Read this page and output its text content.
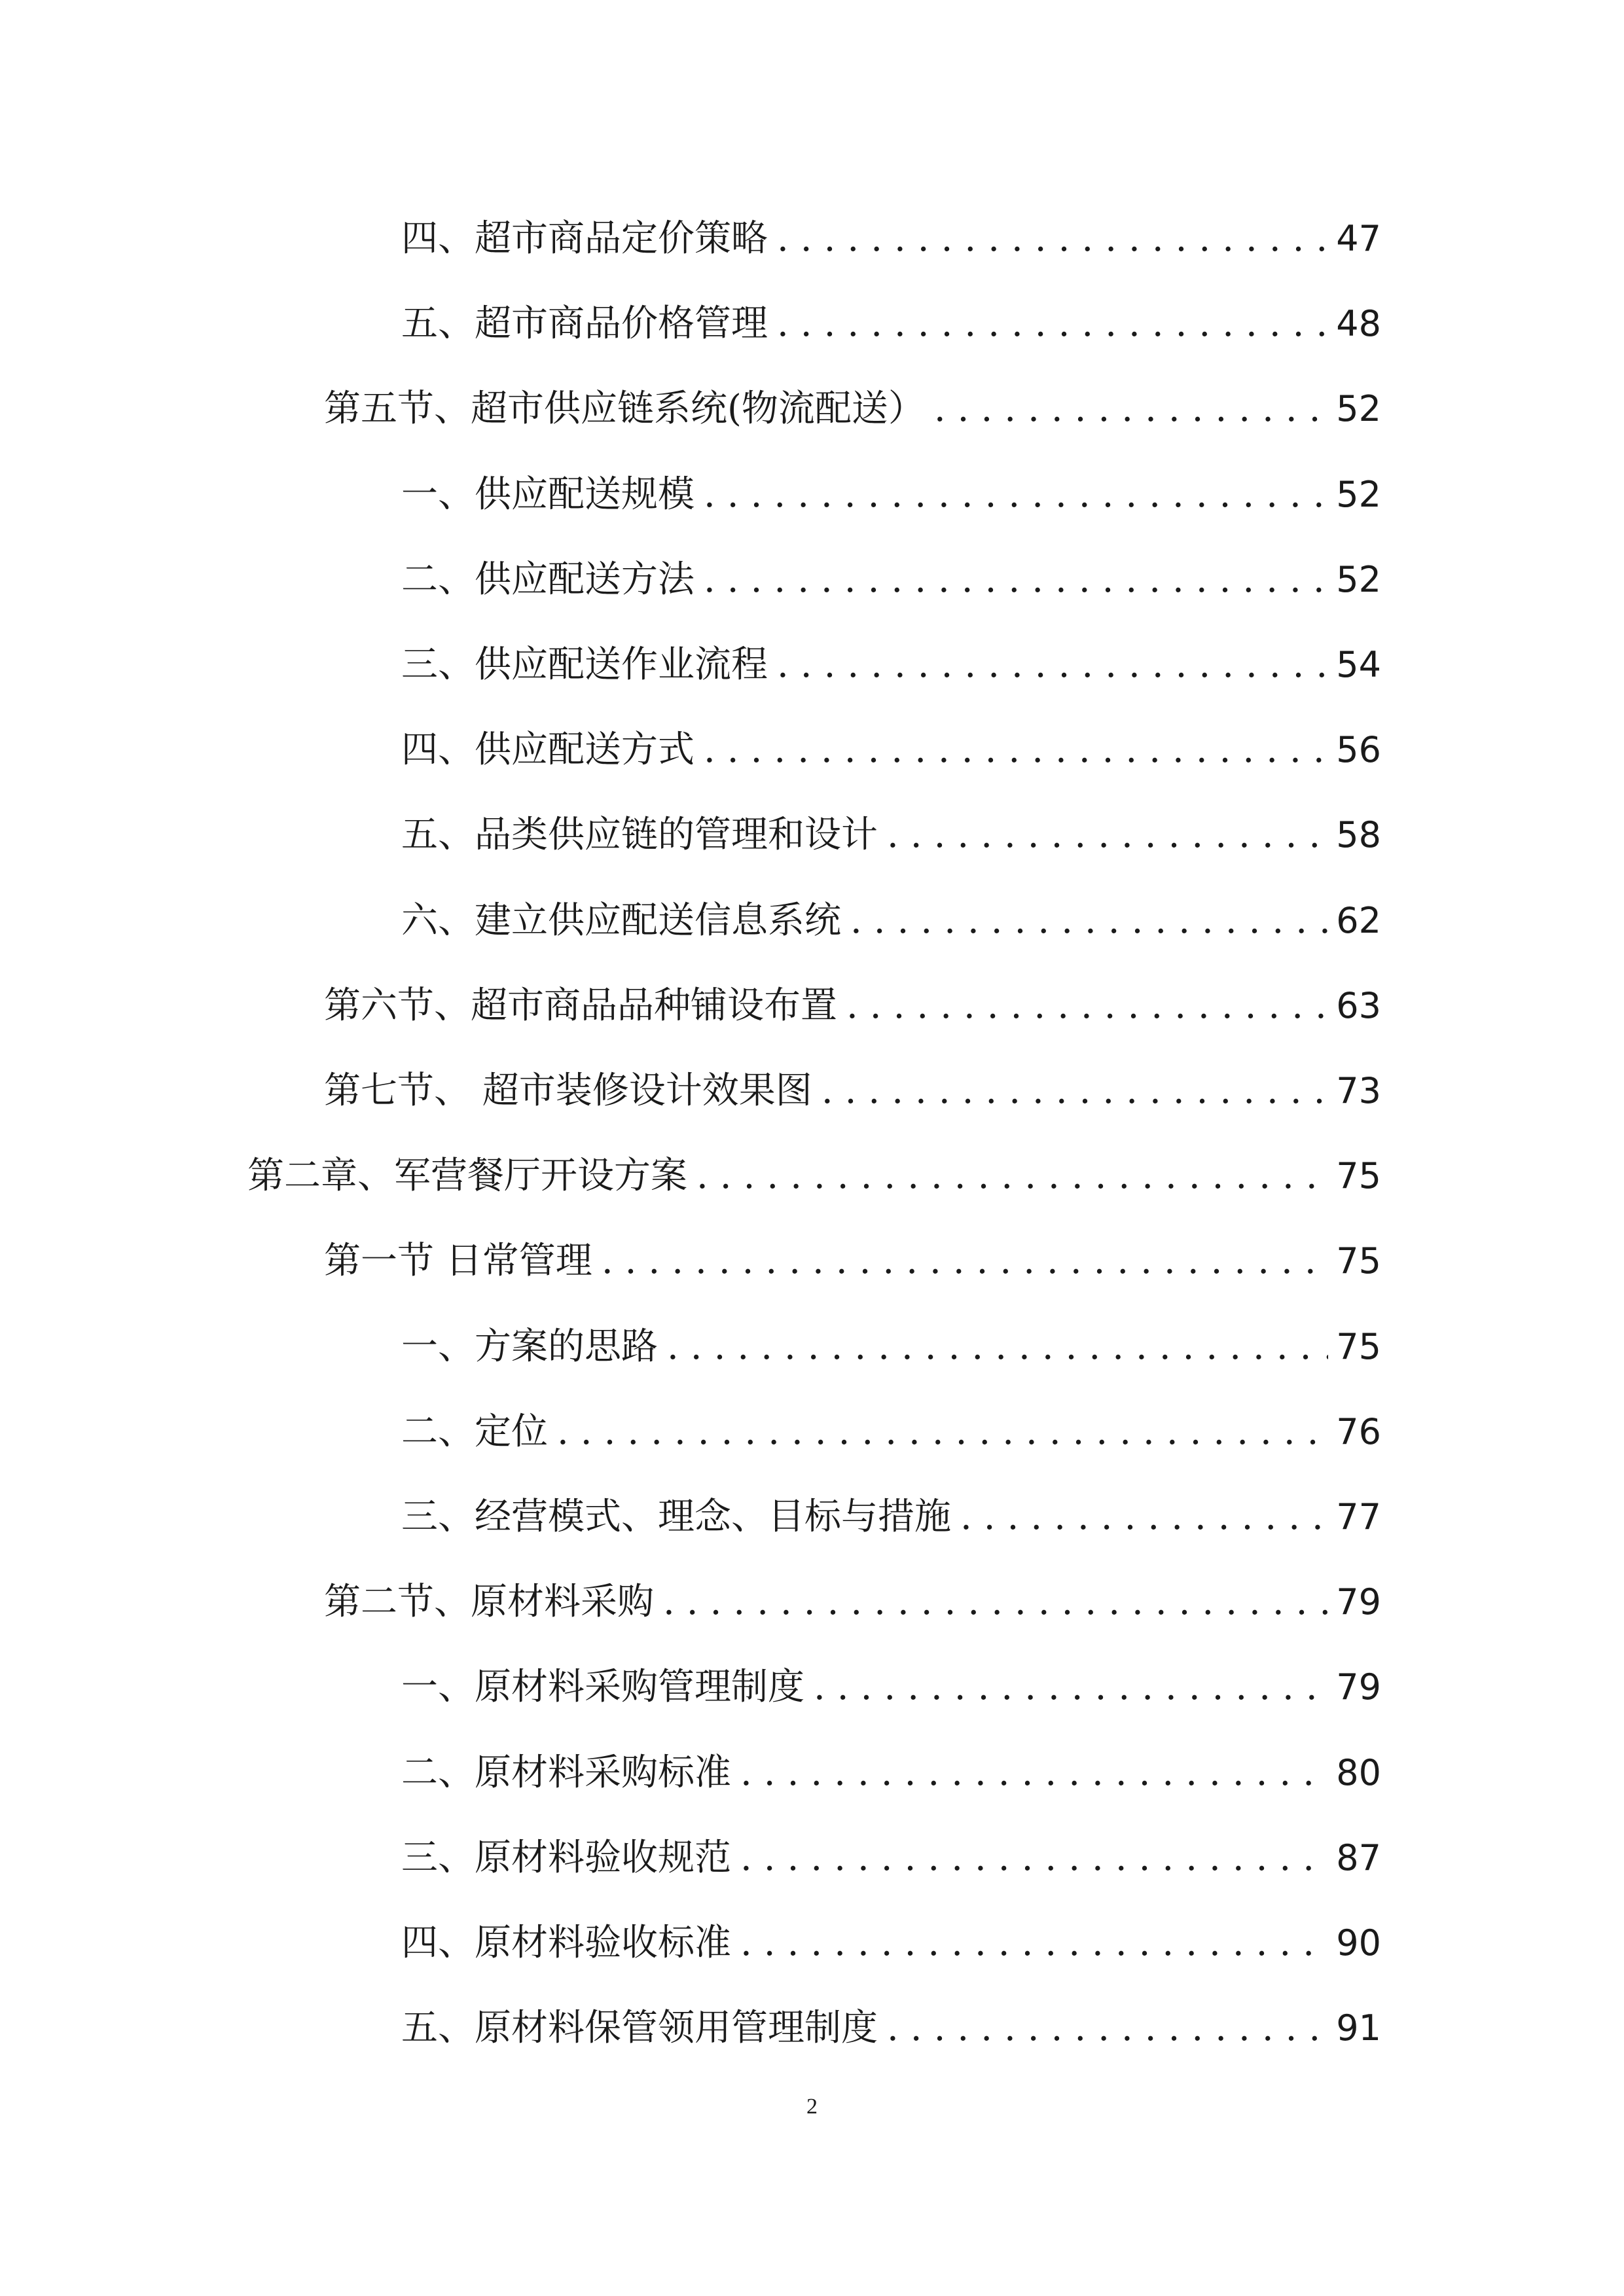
四、超市商品定价策略 .....	47
五、超市商品价格管理 .....	48
第五节、超市供应链系统(物流配送） .....	52
一、供应配送规模 .....	52
二、供应配送方法 .....	52
三、供应配送作业流程 .....	54
四、供应配送方式 .....	56
五、品类供应链的管理和设计 .....	58
六、建立供应配送信息系统 .....	62
第六节、超市商品品种铺设布置 .....	63
第七节、 超市装修设计效果图 .....	73
第二章、军营餐厅开设方案 .....	75
第一节 日常管理 .....	75
一、方案的思路 .....	75
二、定位 .....	76
三、经营模式、理念、目标与措施 .....	77
第二节、原材料采购 .....	79
一、原材料采购管理制度 .....	79
二、原材料采购标准 .....	80
三、原材料验收规范 .....	87
四、原材料验收标准 .....	90
五、原材料保管领用管理制度 .....	91
2
